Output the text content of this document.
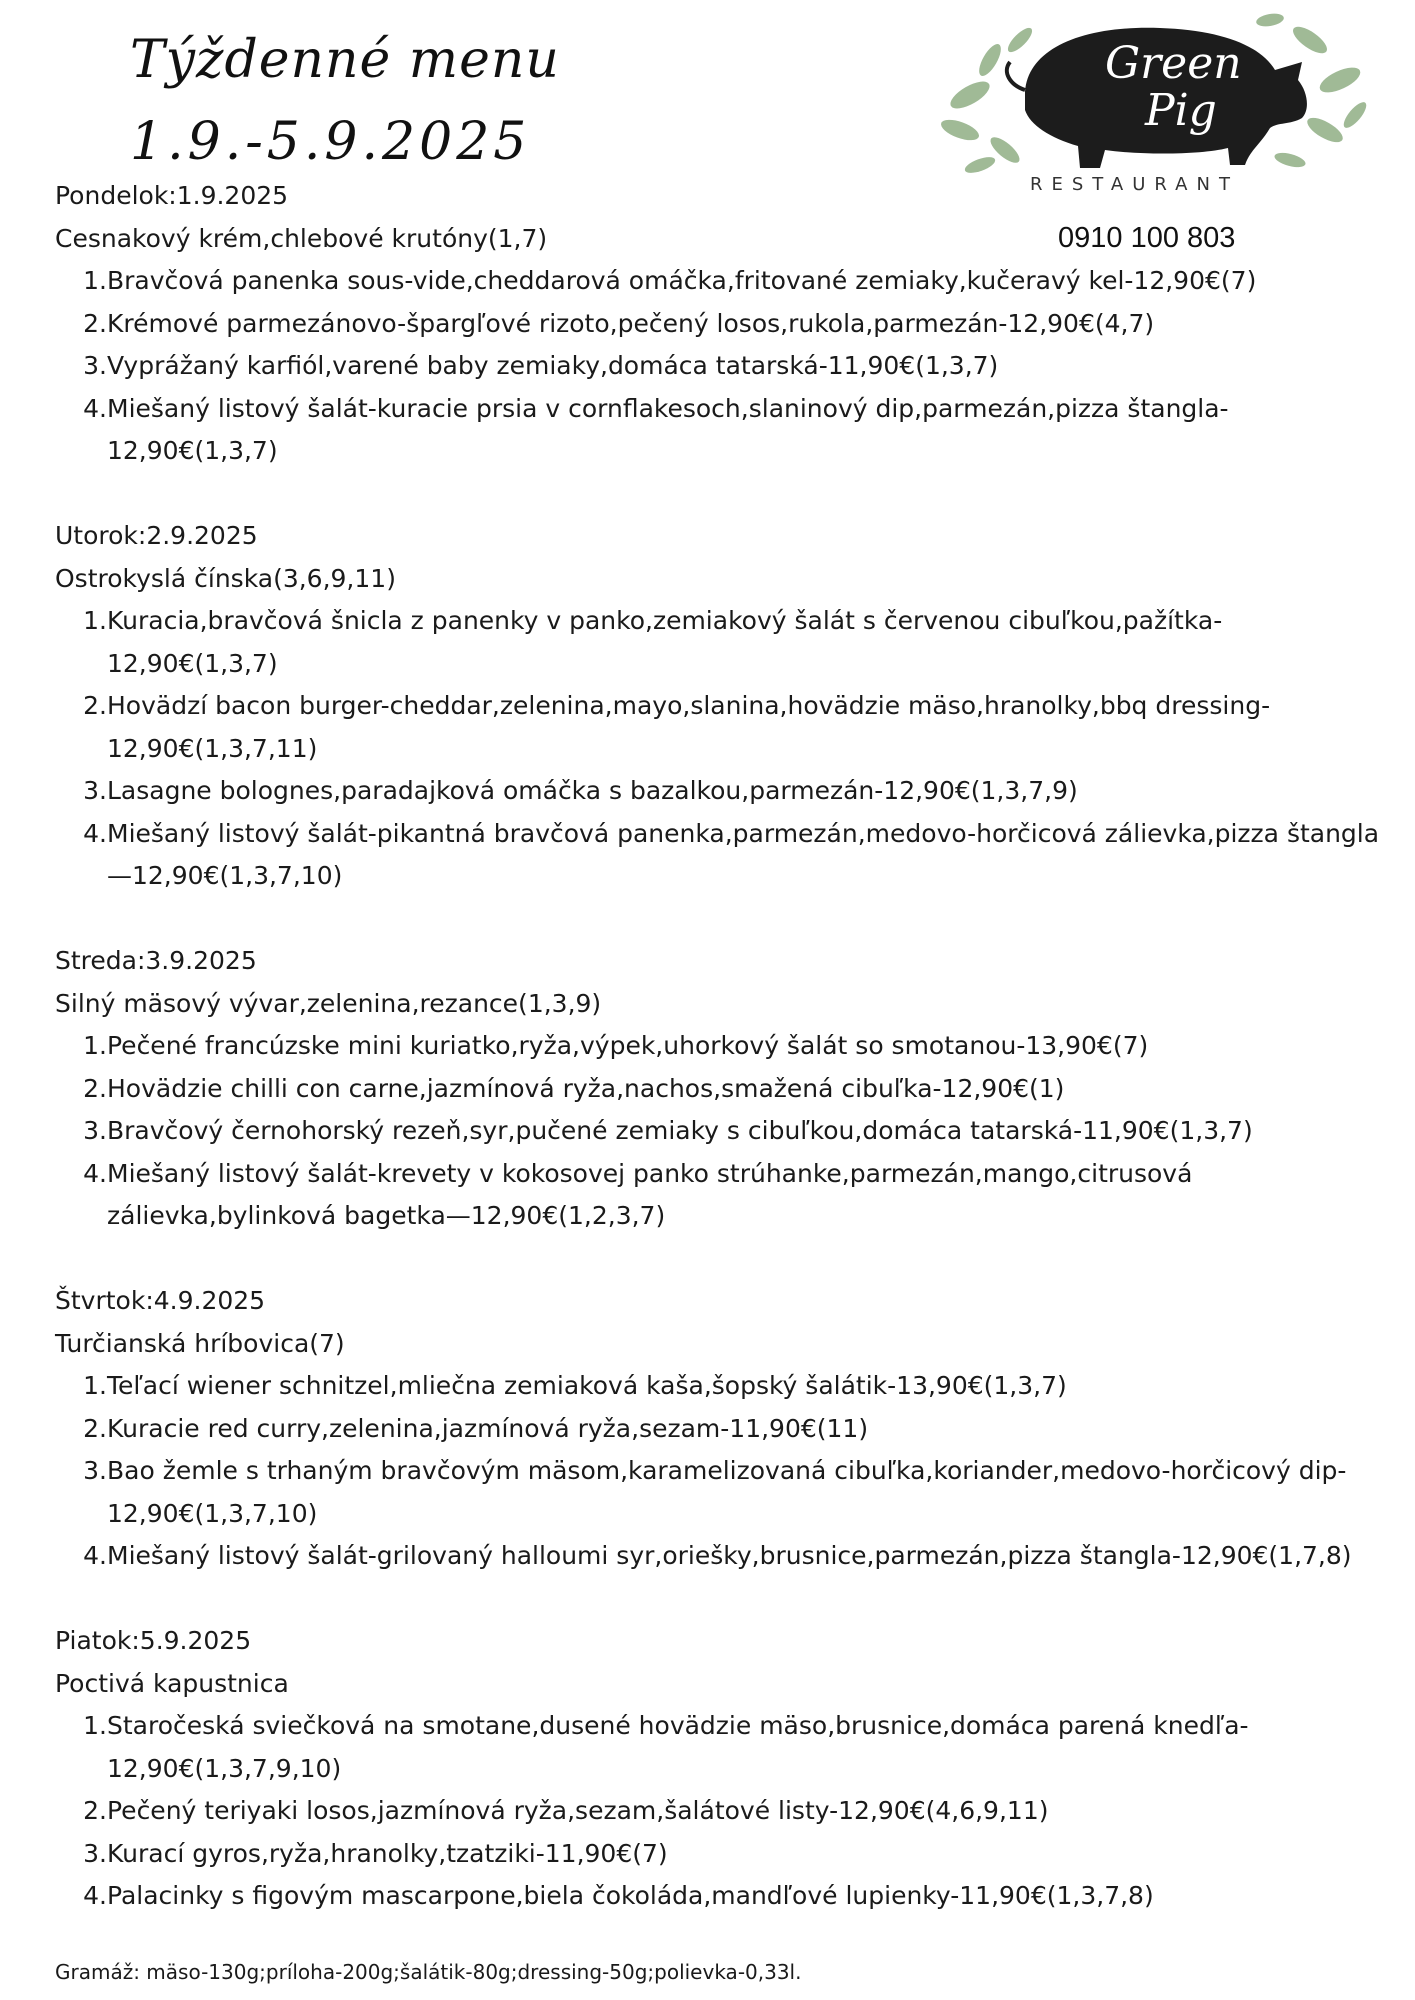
Týždenné menu
1.9.-5.9.2025
Green
Pig
RESTAURANT
0910 100 803

Pondelok:1.9.2025

Cesnakový krém,chlebové krutóny(1,7)

1. Bravčová panenka sous-vide,cheddarová omáčka,fritované zemiaky,kučeravý kel-12,90€(7)
2. Krémové parmezánovo-špargľové rizoto,pečený losos,rukola,parmezán-12,90€(4,7)
3. Vyprážaný karfiól,varené baby zemiaky,domáca tatarská-11,90€(1,3,7)
4. Miešaný listový šalát-kuracie prsia v cornflakesoch,slaninový dip,parmezán,pizza štangla-12,90€(1,3,7)

Utorok:2.9.2025

Ostrokyslá čínska(3,6,9,11)

1. Kuracia,bravčová šnicla z panenky v panko,zemiakový šalát s červenou cibuľkou,pažítka-12,90€(1,3,7)
2. Hovädzí bacon burger-cheddar,zelenina,mayo,slanina,hovädzie mäso,hranolky,bbq dressing-12,90€(1,3,7,11)
3. Lasagne bolognes,paradajková omáčka s bazalkou,parmezán-12,90€(1,3,7,9)
4. Miešaný listový šalát-pikantná bravčová panenka,parmezán,medovo-horčicová zálievka,pizza štangla—12,90€(1,3,7,10)

Streda:3.9.2025

Silný mäsový vývar,zelenina,rezance(1,3,9)

1. Pečené francúzske mini kuriatko,ryža,výpek,uhorkový šalát so smotanou-13,90€(7)
2. Hovädzie chilli con carne,jazmínová ryža,nachos,smažená cibuľka-12,90€(1)
3. Bravčový černohorský rezeň,syr,pučené zemiaky s cibuľkou,domáca tatarská-11,90€(1,3,7)
4. Miešaný listový šalát-krevety v kokosovej panko strúhanke,parmezán,mango,citrusová zálievka,bylinková bagetka—12,90€(1,2,3,7)

Štvrtok:4.9.2025

Turčianská hríbovica(7)

1. Teľací wiener schnitzel,mliečna zemiaková kaša,šopský šalátik-13,90€(1,3,7)
2. Kuracie red curry,zelenina,jazmínová ryža,sezam-11,90€(11)
3. Bao žemle s trhaným bravčovým mäsom,karamelizovaná cibuľka,koriander,medovo-horčicový dip-12,90€(1,3,7,10)
4. Miešaný listový šalát-grilovaný halloumi syr,oriešky,brusnice,parmezán,pizza štangla-12,90€(1,7,8)

Piatok:5.9.2025

Poctivá kapustnica

1. Staročeská sviečková na smotane,dusené hovädzie mäso,brusnice,domáca parená knedľa-12,90€(1,3,7,9,10)
2. Pečený teriyaki losos,jazmínová ryža,sezam,šalátové listy-12,90€(4,6,9,11)
3. Kurací gyros,ryža,hranolky,tzatziki-11,90€(7)
4. Palacinky s figovým mascarpone,biela čokoláda,mandľové lupienky-11,90€(1,3,7,8)
Gramáž: mäso-130g;príloha-200g;šalátik-80g;dressing-50g;polievka-0,33l.
